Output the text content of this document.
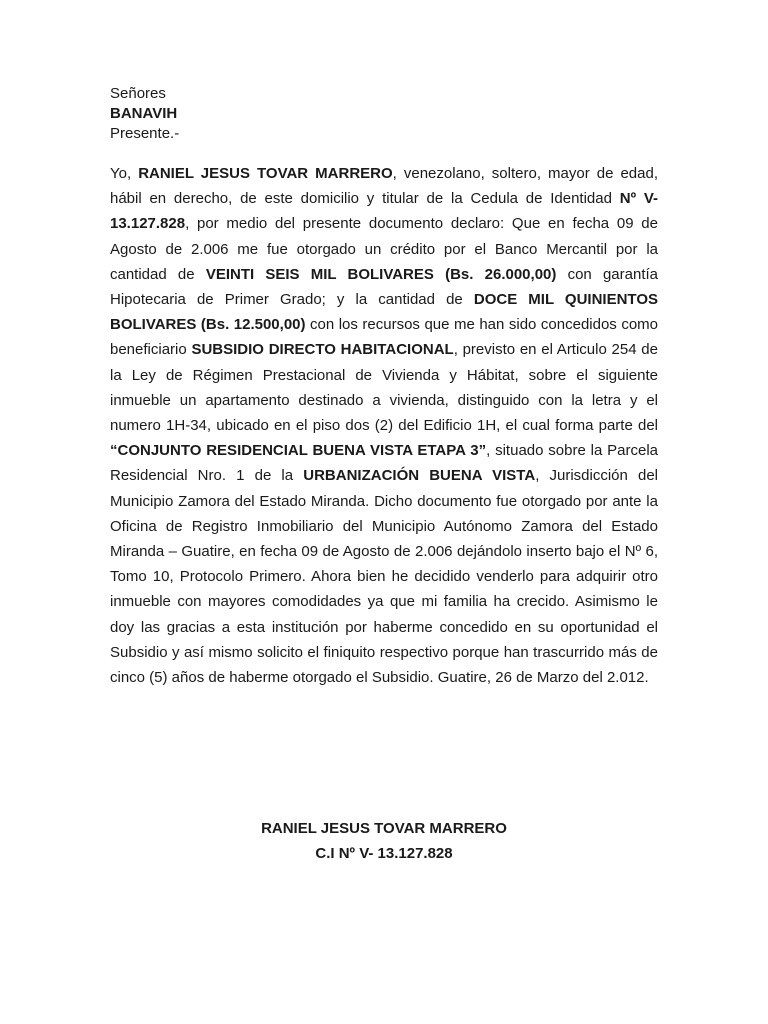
Señores
BANAVIH
Presente.-
Yo, RANIEL JESUS TOVAR MARRERO, venezolano, soltero, mayor de edad, hábil en derecho, de este domicilio y titular de la Cedula de Identidad Nº V-13.127.828, por medio del presente documento declaro: Que en fecha 09 de Agosto de 2.006 me fue otorgado un crédito por el Banco Mercantil por la cantidad de VEINTI SEIS MIL BOLIVARES (Bs. 26.000,00) con garantía Hipotecaria de Primer Grado; y la cantidad de DOCE MIL QUINIENTOS BOLIVARES (Bs. 12.500,00) con los recursos que me han sido concedidos como beneficiario SUBSIDIO DIRECTO HABITACIONAL, previsto en el Articulo 254 de la Ley de Régimen Prestacional de Vivienda y Hábitat, sobre el siguiente inmueble un apartamento destinado a vivienda, distinguido con la letra y el numero 1H-34, ubicado en el piso dos (2) del Edificio 1H, el cual forma parte del “CONJUNTO RESIDENCIAL BUENA VISTA ETAPA 3”, situado sobre la Parcela Residencial Nro. 1 de la URBANIZACIÓN BUENA VISTA, Jurisdicción del Municipio Zamora del Estado Miranda. Dicho documento fue otorgado por ante la Oficina de Registro Inmobiliario del Municipio Autónomo Zamora del Estado Miranda – Guatire, en fecha 09 de Agosto de 2.006 dejándolo inserto bajo el Nº 6, Tomo 10, Protocolo Primero. Ahora bien he decidido venderlo para adquirir otro inmueble con mayores comodidades ya que mi familia ha crecido. Asimismo le doy las gracias a esta institución por haberme concedido en su oportunidad el Subsidio y así mismo solicito el finiquito respectivo porque han trascurrido más de cinco (5) años de haberme otorgado el Subsidio. Guatire, 26 de Marzo del 2.012.
RANIEL JESUS TOVAR MARRERO
C.I Nº V- 13.127.828
